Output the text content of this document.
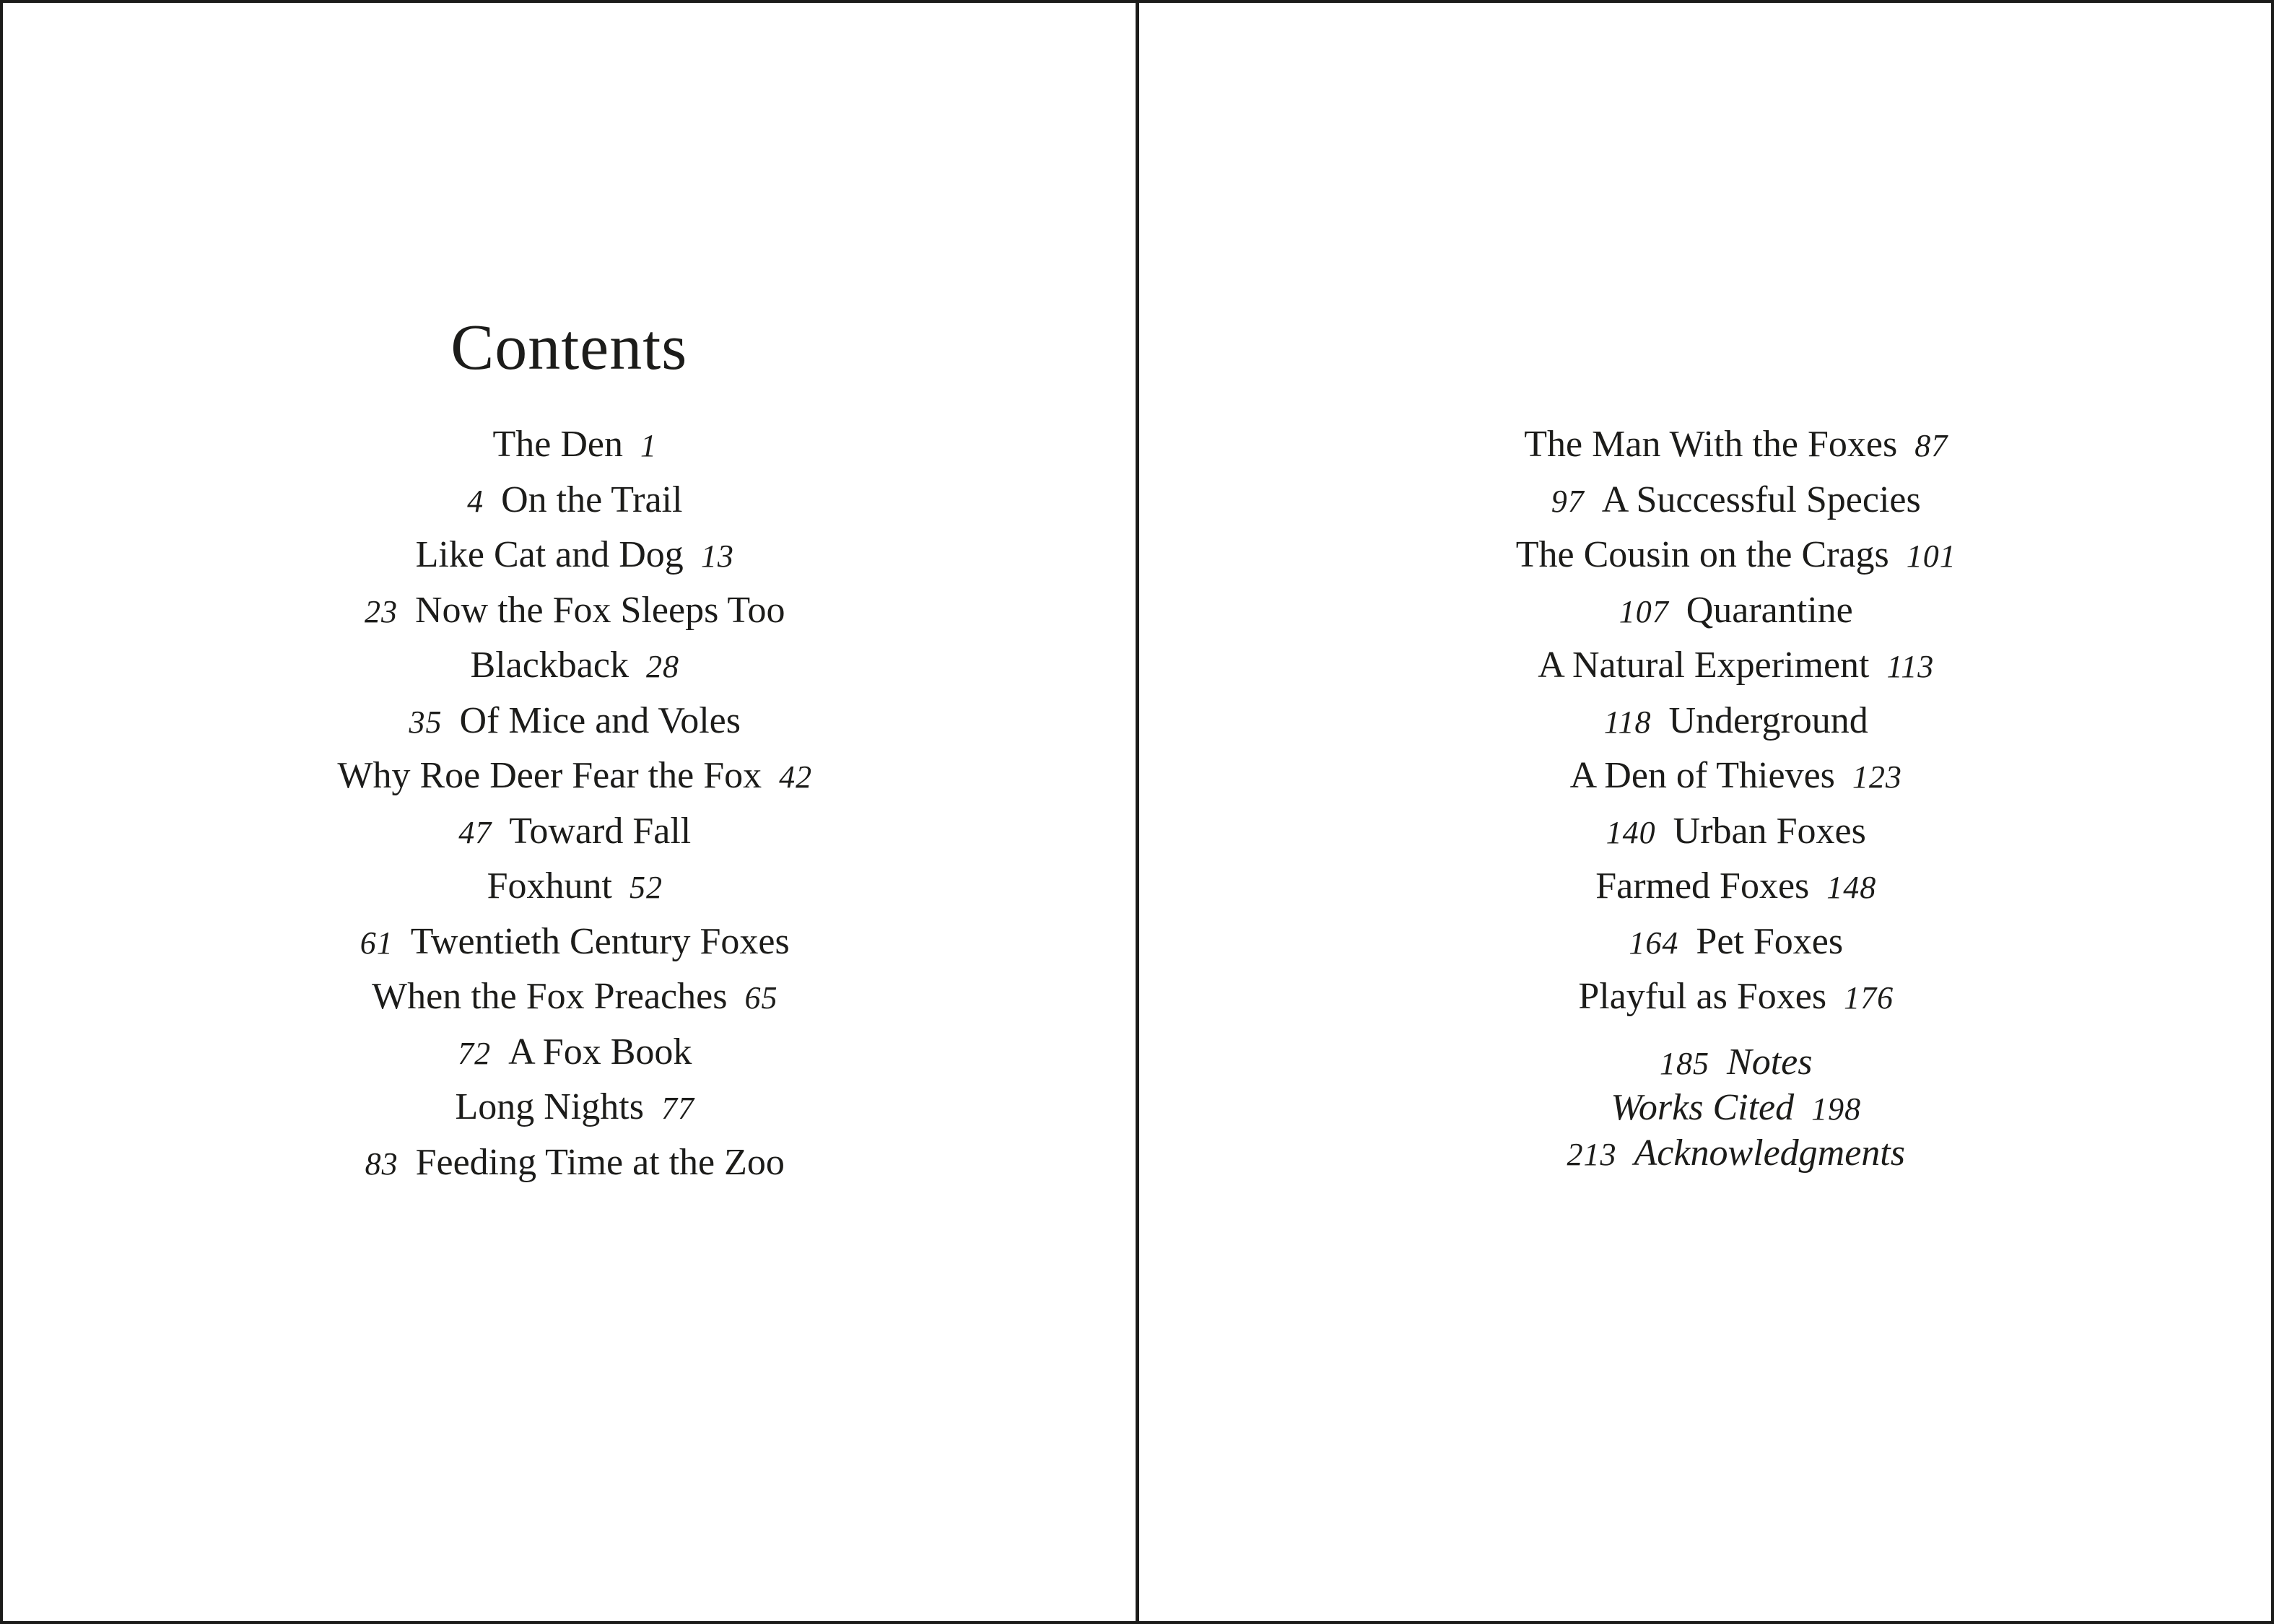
Contents
The Den 1
4 On the Trail
Like Cat and Dog 13
23 Now the Fox Sleeps Too
Blackback 28
35 Of Mice and Voles
Why Roe Deer Fear the Fox 42
47 Toward Fall
Foxhunt 52
61 Twentieth Century Foxes
When the Fox Preaches 65
72 A Fox Book
Long Nights 77
83 Feeding Time at the Zoo
The Man With the Foxes 87
97 A Successful Species
The Cousin on the Crags 101
107 Quarantine
A Natural Experiment 113
118 Underground
A Den of Thieves 123
140 Urban Foxes
Farmed Foxes 148
164 Pet Foxes
Playful as Foxes 176
185 Notes
Works Cited 198
213 Acknowledgments
